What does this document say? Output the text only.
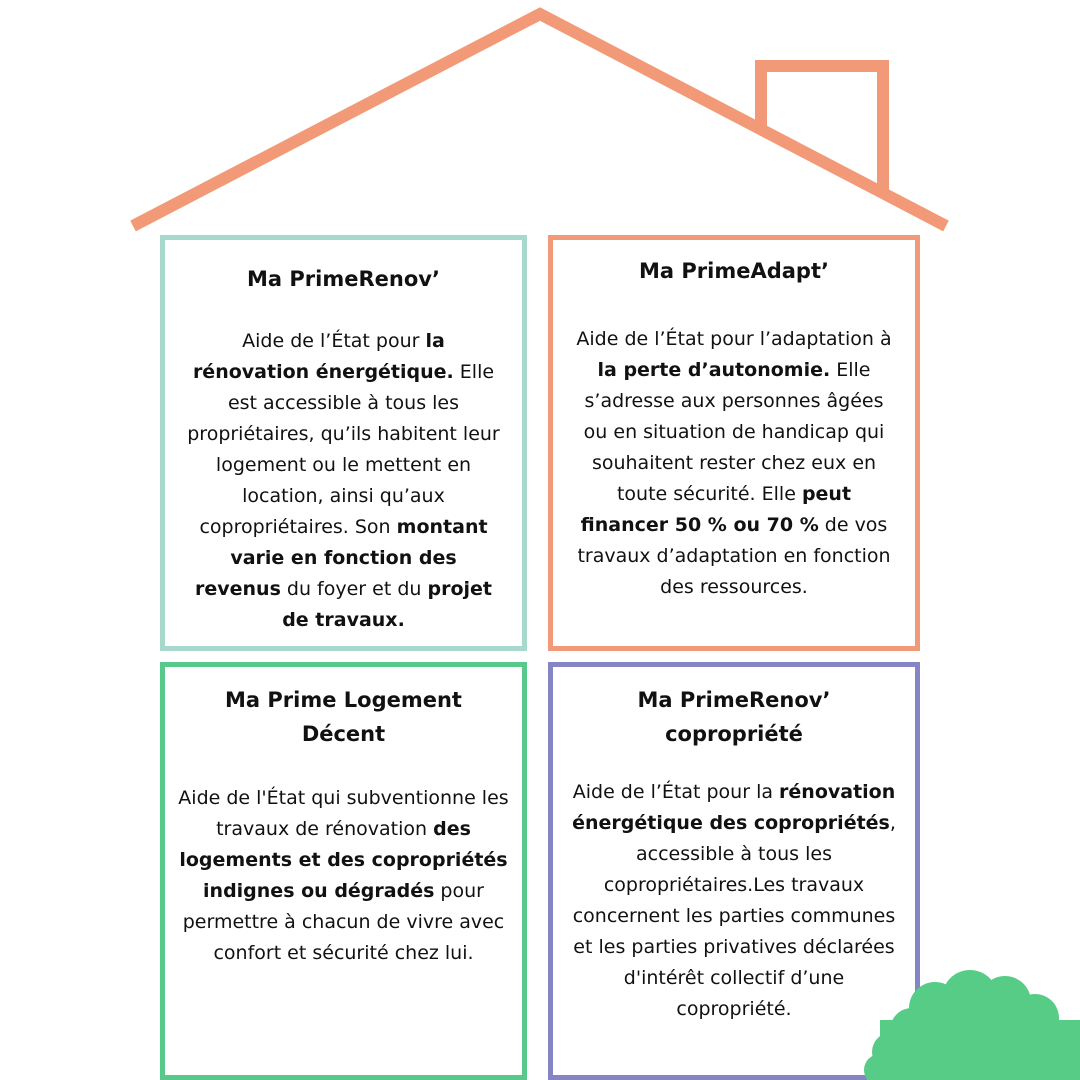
Ma PrimeRenov’

Aide de l’État pour la rénovation énergétique. Elle est accessible à tous les propriétaires, qu’ils habitent leur logement ou le mettent en location, ainsi qu’aux copropriétaires. Son montant varie en fonction des revenus du foyer et du projet de travaux.

Ma PrimeAdapt’

Aide de l’État pour l’adaptation à la perte d’autonomie. Elle s’adresse aux personnes âgées ou en situation de handicap qui souhaitent rester chez eux en toute sécurité. Elle peut financer 50 % ou 70 % de vos travaux d’adaptation en fonction des ressources.

Ma Prime Logement Décent

Aide de l'État qui subventionne les travaux de rénovation des logements et des copropriétés indignes ou dégradés pour permettre à chacun de vivre avec confort et sécurité chez lui.

Ma PrimeRenov’ copropriété

Aide de l’État pour la rénovation énergétique des copropriétés, accessible à tous les copropriétaires.Les travaux concernent les parties communes et les parties privatives déclarées d'intérêt collectif d’une copropriété.
